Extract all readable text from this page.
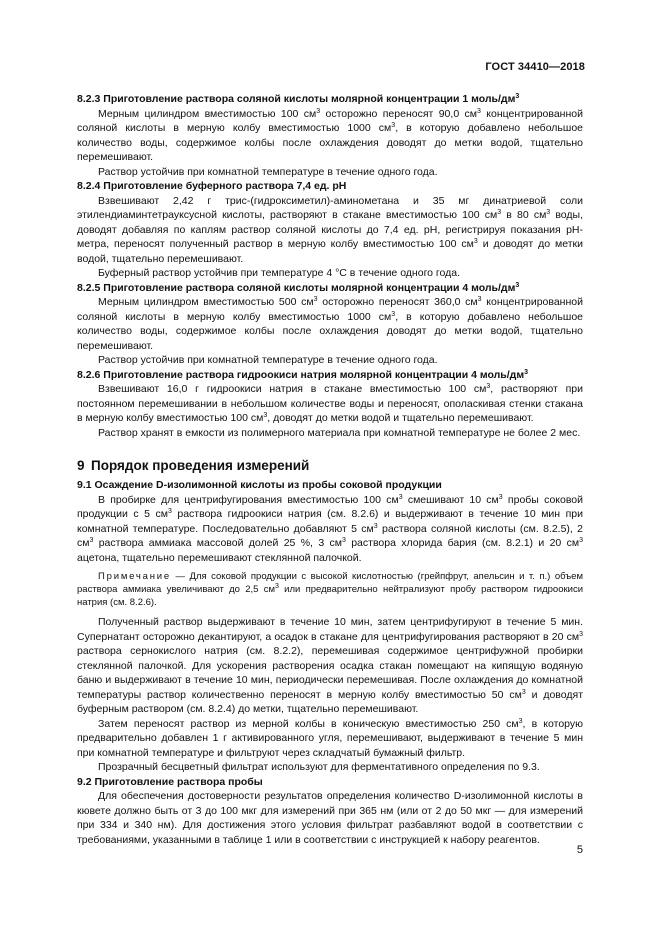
ГОСТ 34410—2018

8.2.3 Приготовление раствора соляной кислоты молярной концентрации 1 моль/$дм^3$

Мерным цилиндром вместимостью 100 $см^3$ осторожно переносят 90,0 $см^3$ концентрированной соляной кислоты в мерную колбу вместимостью 1000 $см^3$, в которую добавлено небольшое количество воды, содержимое колбы после охлаждения доводят до метки водой, тщательно перемешивают.

Раствор устойчив при комнатной температуре в течение одного года.

8.2.4 Приготовление буферного раствора 7,4 ед. pH

Взвешивают 2,42 г трис-(гидроксиметил)-аминометана и 35 мг динатриевой соли этилендиаминтетрауксусной кислоты, растворяют в стакане вместимостью 100 $см^3$ в 80 $см^3$ воды, доводят добавляя по каплям раствор соляной кислоты до 7,4 ед. pH, регистрируя показания pH-метра, переносят полученный раствор в мерную колбу вместимостью 100 $см^3$ и доводят до метки водой, тщательно перемешивают.

Буферный раствор устойчив при температуре 4 °C в течение одного года.

8.2.5 Приготовление раствора соляной кислоты молярной концентрации 4 моль/$дм^3$

Мерным цилиндром вместимостью 500 $см^3$ осторожно переносят 360,0 $см^3$ концентрированной соляной кислоты в мерную колбу вместимостью 1000 $см^3$, в которую добавлено небольшое количество воды, содержимое колбы после охлаждения доводят до метки водой, тщательно перемешивают.

Раствор устойчив при комнатной температуре в течение одного года.

8.2.6 Приготовление раствора гидроокиси натрия молярной концентрации 4 моль/$дм^3$

Взвешивают 16,0 г гидроокиси натрия в стакане вместимостью 100 $см^3$, растворяют при постоянном перемешивании в небольшом количестве воды и переносят, ополаскивая стенки стакана в мерную колбу вместимостью 100 $см^3$, доводят до метки водой и тщательно перемешивают.

Раствор хранят в емкости из полимерного материала при комнатной температуре не более 2 мес.

9 Порядок проведения измерений

9.1 Осаждение D-изолимонной кислоты из пробы соковой продукции

В пробирке для центрифугирования вместимостью 100 $см^3$ смешивают 10 $см^3$ пробы соковой продукции с 5 $см^3$ раствора гидроокиси натрия (см. 8.2.6) и выдерживают в течение 10 мин при комнатной температуре. Последовательно добавляют 5 $см^3$ раствора соляной кислоты (см. 8.2.5), 2 $см^3$ раствора аммиака массовой долей 25 %, 3 $см^3$ раствора хлорида бария (см. 8.2.1) и 20 $см^3$ ацетона, тщательно перемешивают стеклянной палочкой.

Примечание — Для соковой продукции с высокой кислотностью (грейпфрут, апельсин и т. п.) объем раствора аммиака увеличивают до 2,5 $см^3$ или предварительно нейтрализуют пробу раствором гидроокиси натрия (см. 8.2.6).

Полученный раствор выдерживают в течение 10 мин, затем центрифугируют в течение 5 мин. Супернатант осторожно декантируют, а осадок в стакане для центрифугирования растворяют в 20 $см^3$ раствора сернокислого натрия (см. 8.2.2), перемешивая содержимое центрифужной пробирки стеклянной палочкой. Для ускорения растворения осадка стакан помещают на кипящую водяную баню и выдерживают в течение 10 мин, периодически перемешивая. После охлаждения до комнатной температуры раствор количественно переносят в мерную колбу вместимостью 50 $см^3$ и доводят буферным раствором (см. 8.2.4) до метки, тщательно перемешивают.

Затем переносят раствор из мерной колбы в коническую вместимостью 250 $см^3$, в которую предварительно добавлен 1 г активированного угля, перемешивают, выдерживают в течение 5 мин при комнатной температуре и фильтруют через складчатый бумажный фильтр.

Прозрачный бесцветный фильтрат используют для ферментативного определения по 9.3.

9.2 Приготовление раствора пробы

Для обеспечения достоверности результатов определения количество D-изолимонной кислоты в кювете должно быть от 3 до 100 мкг для измерений при 365 нм (или от 2 до 50 мкг — для измерений при 334 и 340 нм). Для достижения этого условия фильтрат разбавляют водой в соответствии с требованиями, указанными в таблице 1 или в соответствии с инструкцией к набору реагентов.

5
